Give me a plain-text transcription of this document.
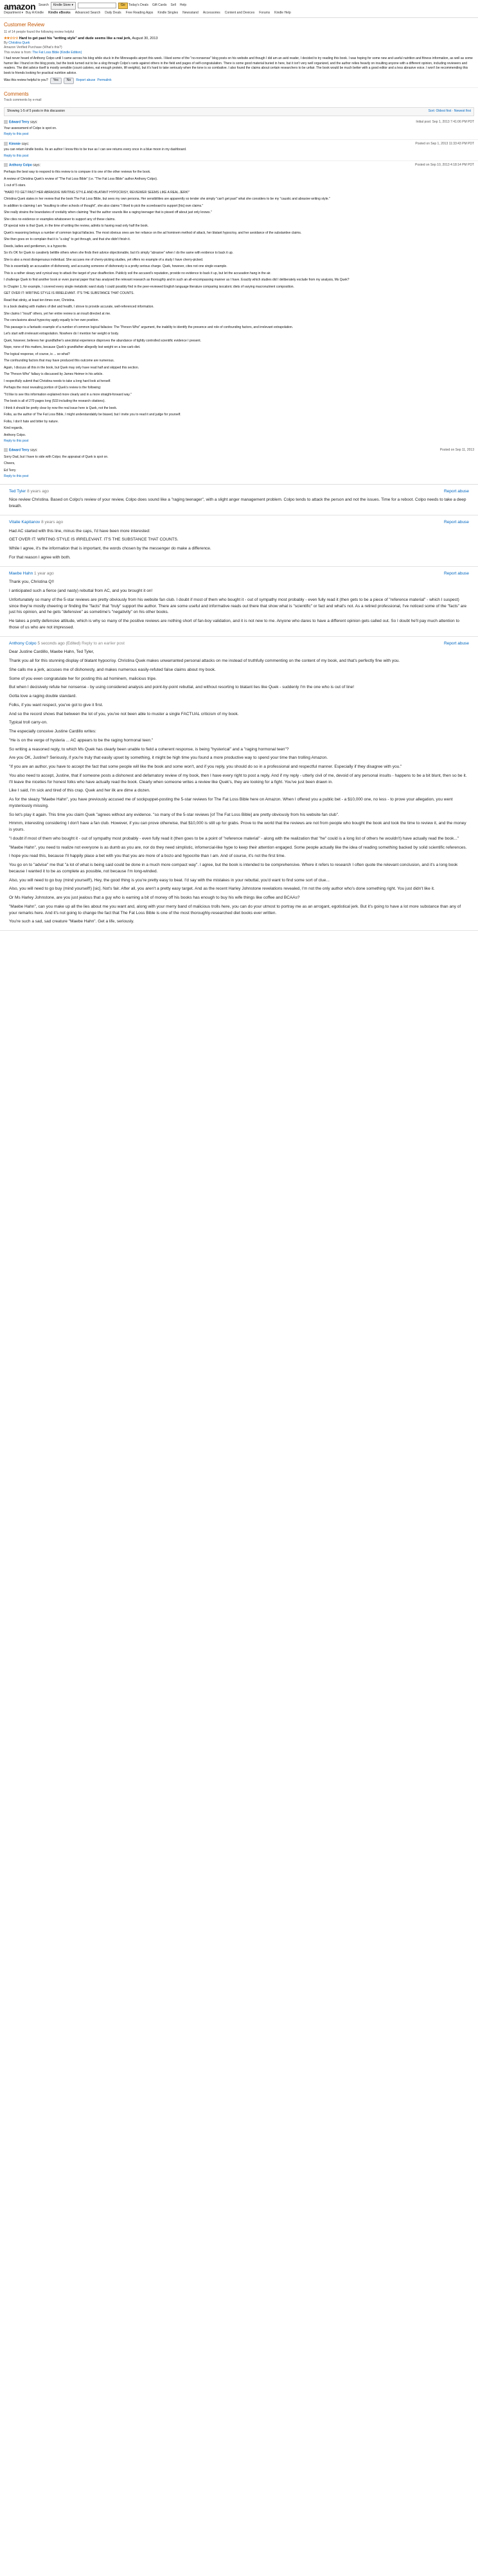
amazon
Department ▾
Search	Kindle Store ▾	Go	Today's Deals Gift Cards Sell Help
Buy A Kindle Kindle eBooks Advanced Search Daily Deals Free Reading Apps Kindle Singles Newsstand Accessories Content and Devices Forums Kindle Help
Customer Review
11 of 14 people found the following review helpful
★★☆☆☆ Hard to get past his "writing style" and dude seems like a real jerk, August 30, 2013
By Christina Quek
Amazon Verified Purchase (What's this?)
This review is from: The Fat Loss Bible (Kindle Edition)
I had never heard of Anthony Colpo until I came across his blog while stuck in the Minneapolis airport this week. I liked some of the "no-nonsense" blog posts on his website and though I did am an avid reader, I decided to try reading this book. I was hoping for some new and useful nutrition and fitness information, as well as some humor like I found on the blog posts, but the book turned out to be a slog through Colpo's rants against others in the field and pages of self-congratulation. There is some good material buried in here, but it isn't very well organized, and the author relies heavily on insulting anyone with a different opinion, including reviewers and readers. The diet advice itself is mostly sensible (count calories, eat enough protein, lift weights), but it's hard to take seriously when the tone is so combative. I also found the claims about certain researchers to be unfair. The book would be much better with a good editor and a less abrasive voice. I won't be recommending this book to friends looking for practical nutrition advice.
Was this review helpful to you?	Yes	No	Report abuse Permalink
Comments
Track comments by e-mail
Showing 1-5 of 5 posts in this discussion	Sort: Oldest first · Newest first
Edward Terry says:	Initial post: Sep 1, 2013 7:41:06 PM PDT
Your assessment of Colpo is spot on.
Reply to this post
Kimmie says:	Posted on Sep 1, 2013 11:33:43 PM PDT
you can return kindle books. Its an author I know this to be true as I can see returns every once in a blue moon in my dashboard.
Reply to this post
Anthony Colpo says:	Posted on Sep 10, 2013 4:18:14 PM PDT

Perhaps the best way to respond to this review is to compare it to one of the other reviews for the book.

A review of Christina Quek's review of "The Fat Loss Bible" (i.e. "The Fat Loss Bible" author Anthony Colpo).

1 out of 5 stars.

"HARD TO GET PAST HER ABRASIVE WRITING STYLE AND BLATANT HYPOCRISY, REVIEWER SEEMS LIKE A REAL JERK!"

Christina Quek states in her review that the book The Fat Loss Bible, but sees my own persona. Her sensibilities are apparently so tender she simply "can't get past" what she considers to be my "caustic and abrasive writing style."

In addition to claiming I am "insulting to other schools of thought", she also claims "I liked to pick the scoreboard to support [his] own claims."

She really strains the boundaries of credulity when claiming "that the author sounds like a raging teenager that is pissed off about just only knows."

She cites no evidence or examples whatsoever to support any of these claims.

Of special note is that Quek, in the time of writing the review, admits to having read only half the book.

Quek's reasoning betrays a number of common logical fallacies. The most obvious ones are her reliance on the ad hominem method of attack, her blatant hypocrisy, and her avoidance of the substantive claims.

She then goes on to complain that it is "a slog" to get through, and that she didn't finish it.

Deeds, ladies and gentlemen, is a hypocrite.

So it's OK for Quek to cavalierly belittle others when she finds their advice objectionable, but it's simply "abrasive" when I do the same with evidence to back it up.

She is also a most disingenuous individual. She accuses me of cherry-picking studies, yet offers no example of a study I have cherry-picked.

This is essentially an accusation of dishonesty, and accusing someone of dishonesty is a pretty serious charge. Quek, however, cites not one single example.

This is a rather sleazy and cynical way to attack the target of your disaffection. Publicly soil the accused's reputation, provide no evidence to back it up, but let the accusation hang in the air.

I challenge Quek to find another book or even journal paper that has analysed the relevant research as thoroughly and in such an all-encompassing manner as I have. Exactly which studies did I deliberately exclude from my analysis, Ms Quek?

In Chapter 1, for example, I covered every single metabolic ward study I could possibly find in the peer-reviewed English language literature comparing isocaloric diets of varying macronutrient composition.

GET OVER IT: WRITING STYLE IS IRRELEVANT. IT'S THE SUBSTANCE THAT COUNTS.

Read that stinky, at least ten times over, Christina.

In a book dealing with matters of diet and health, I strove to provide accurate, well-referenced information.

She claims I "insult" others, yet her entire review is an insult directed at me.

The conclusions about hypocrisy apply equally to her own position.

This passage is a fantastic example of a number of common logical fallacies: The "Person Who" argument, the inability to identify the presence and role of confounding factors, and irrelevant extrapolation.

Let's start with irrelevant extrapolation. Nowhere do I mention her weight or body.

Quek, however, believes her grandfather's anecdotal experience disproves the abundance of tightly controlled scientific evidence I present.

Nope, none of this matters, because Quek's grandfather allegedly lost weight on a low-carb diet.

The logical response, of course, is ... so what?

The confounding factors that may have produced this outcome are numerous.

Again, I discuss all this in the book, but Quek may only have read half and skipped this section.

The "Person Who" fallacy is discussed by James Heimer in his article.

I respectfully submit that Christina needs to take a long hard look at herself.

Perhaps the most revealing portion of Quek's review is the following:

"I'd like to see this information explained more clearly and in a more straight-forward way."

The book is all of 270 pages long (533 including the research citations).

I think it should be pretty clear by now the real issue here is Quek, not the book.

Folks, as the author of The Fat Loss Bible, I might understandably be biased, but I invite you to read it and judge for yourself.

Folks, I don't hate and bitter by nature.

Kind regards,

Anthony Colpo.

Reply to this post
Edward Terry says:	Posted on Sep 11, 2013

Sorry Dad, but I have to side with Colpo; the appraisal of Quek is spot on.

Cheers,

Ed Terry

Reply to this post
Ted Tyler 8 years ago	Report abuse

Nice review Christina. Based on Colpo's review of your review, Colpo does sound like a "raging teenager", with a slight anger management problem. Colpo tends to attack the person and not the issues. Time for a reboot. Colpo needs to take a deep breath.

Vitalie Kapitanov 8 years ago	Report abuse

Had AC started with this line, minus the caps, I'd have been more interested:

GET OVER IT: WRITING STYLE IS IRRELEVANT. IT'S THE SUBSTANCE THAT COUNTS.

While I agree, it's the information that is important, the words chosen by the messenger do make a difference.

For that reason I agree with both.

Maebe Hahn 1 year ago	Report abuse

Thank you, Christina Q!!

I anticipated such a fierce (and nasty) rebuttal from AC, and you brought it on!

Unfortunately so many of the 5-star reviews are pretty obviously from his website fan club. I doubt if most of them who bought it - out of sympathy most probably - even fully read it (then gets to be a piece of "reference material" - which I suspect) since they're mostly cheering or finding the "facts" that "truly" support the author. There are some useful and informative reads out there that show what is "scientific" or fact and what's not. As a retired professional, I've noticed some of the "facts" are just his opinion, and he gets "defensive" as sometime's "negativity" on his other books.

He takes a pretty defensive attitude, which is why so many of the positive reviews are nothing short of fan-boy validation, and it is not new to me. Anyone who dares to have a different opinion gets called out. So I doubt he'll pay much attention to those of us who are not impressed.

Anthony Colpo 5 seconds ago (Edited) Reply to an earlier post	Report abuse

Dear Justine Cardillo, Maebe Hahn, Ted Tyler,

Thank you all for this stunning display of blatant hypocrisy. Christina Quek makes unwarranted personal attacks on me instead of truthfully commenting on the content of my book, and that's perfectly fine with you.

She calls me a jerk, accuses me of dishonesty, and makes numerous easily-refuted false claims about my book.

Some of you even congratulate her for posting this ad hominem, malicious tripe.

But when I decisively refute her nonsense - by using considered analysis and point-by-point rebuttal, and without resorting to blatant lies like Quek - suddenly I'm the one who is out of line!

Gotta love a raging double standard.

Folks, if you want respect, you've got to give it first.

And so the record shows that between the lot of you, you've not been able to muster a single FACTUAL criticism of my book.

Typical troll carry-on.

The especially conceive Justine Cardillo writes:

"He is on the verge of hysteria ... AC appears to be the raging hormonal teen."

So writing a reasoned reply, to which Ms Quek has clearly been unable to field a coherent response, is being "hysterical" and a "raging hormonal teen"?

Are you OK, Justine? Seriously, if you're truly that easily upset by something, it might be high time you found a more productive way to spend your time than trolling Amazon.

"If you are an author, you have to accept the fact that some people will like the book and some won't, and if you reply, you should do so in a professional and respectful manner. Especially if they disagree with you."

You also need to accept, Justine, that if someone posts a dishonest and defamatory review of my book, then I have every right to post a reply. And if my reply - utterly civil of me, devoid of any personal insults - happens to be a bit blunt, then so be it. I'll leave the niceties for honest folks who have actually read the book. Clearly when someone writes a review like Quek's, they are looking for a fight. You've just been drawn in.

Like I said, I'm sick and tired of this crap. Quek and her ilk are dime a dozen.

As for the sleazy "Maebe Hahn", you have previously accused me of sockpuppet-posting the 5-star reviews for The Fat Loss Bible here on Amazon. When I offered you a public bet - a $10,000 one, no less - to prove your allegation, you went mysteriously missing.

So let's play it again. This time you claim Quek "agrees without any evidence. "so many of the 5-star reviews [of The Fat Loss Bible] are pretty obviously from his website fan club".

Hmmm, interesting considering I don't have a fan club. However, if you can prove otherwise, that $10,000 is still up for grabs. Prove to the world that the reviews are not from people who bought the book and took the time to review it, and the money is yours.

"I doubt if most of them who bought it - out of sympathy most probably - even fully read it (then goes to be a point of "reference material" - along with the realization that "he" could is a long list of others he wouldn't) have actually read the book..."

"Maebe Hahn", you need to realize not everyone is as dumb as you are, nor do they need simplistic, infomercial-like hype to keep their attention engaged. Some people actually like the idea of reading something backed by solid scientific references.

I hope you read this, because I'll happily place a bet with you that you are more of a bozo and hypocrite than I am. And of course, it's not the first time.

You go on to "advise" me that "a lot of what is being said could be done in a much more compact way". I agree, but the book is intended to be comprehensive. Where it refers to research I often quote the relevant conclusion, and it's a long book because I wanted it to be as complete as possible, not because I'm long-winded.

Also, you will need to go buy (mind yourself!), Hey, the good thing is you're pretty easy to beat. I'd say with the mistakes in your rebuttal, you'd want to find some sort of clue...

Also, you will need to go buy (mind yourself!) [sic]. Not's fair. After all, you aren't a pretty easy target. And as the recent Harley Johnstone revelations revealed, I'm not the only author who's done something right. You just didn't like it.

Or Ms Harley Johnstone, are you just jealous that a guy who is earning a bit of money off his books has enough to buy his wife things like coffee and BCAAs?

"Maebe Hahn", can you make up all the lies about me you want and, along with your merry band of malicious trolls here, you can do your utmost to portray me as an arrogant, egotistical jerk. But it's going to have a lot more substance than any of your remarks here. And it's not going to change the fact that The Fat Loss Bible is one of the most thoroughly-researched diet books ever written.

You're such a sad, sad creature "Maebe Hahn". Get a life, seriously.
